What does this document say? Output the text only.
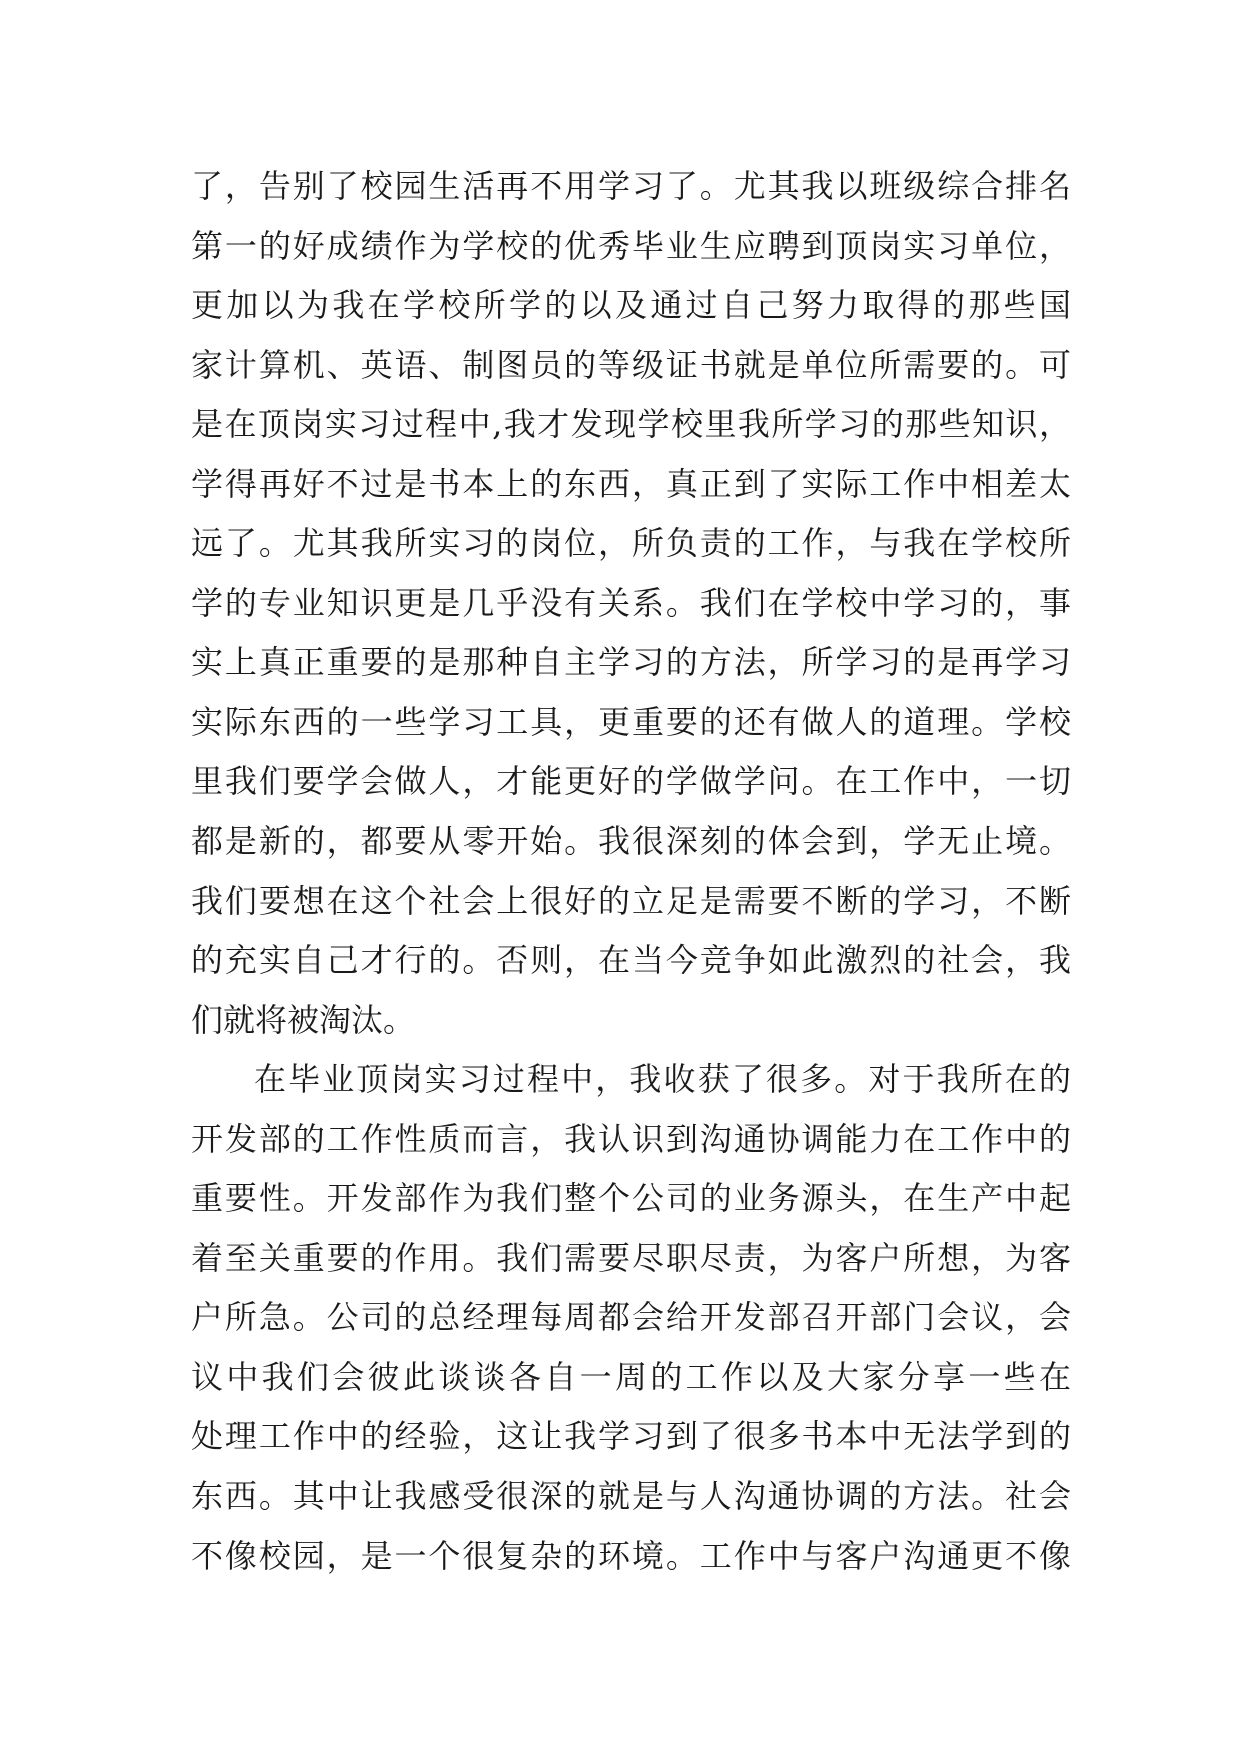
了，告别了校园生活再不用学习了。尤其我以班级综合排名
第一的好成绩作为学校的优秀毕业生应聘到顶岗实习单位，
更加以为我在学校所学的以及通过自己努力取得的那些国
家计算机、英语、制图员的等级证书就是单位所需要的。可
是在顶岗实习过程中,我才发现学校里我所学习的那些知识，
学得再好不过是书本上的东西，真正到了实际工作中相差太
远了。尤其我所实习的岗位，所负责的工作，与我在学校所
学的专业知识更是几乎没有关系。我们在学校中学习的，事
实上真正重要的是那种自主学习的方法，所学习的是再学习
实际东西的一些学习工具，更重要的还有做人的道理。学校
里我们要学会做人，才能更好的学做学问。在工作中，一切
都是新的，都要从零开始。我很深刻的体会到，学无止境。
我们要想在这个社会上很好的立足是需要不断的学习，不断
的充实自己才行的。否则，在当今竞争如此激烈的社会，我
们就将被淘汰。
在毕业顶岗实习过程中，我收获了很多。对于我所在的
开发部的工作性质而言，我认识到沟通协调能力在工作中的
重要性。开发部作为我们整个公司的业务源头，在生产中起
着至关重要的作用。我们需要尽职尽责，为客户所想，为客
户所急。公司的总经理每周都会给开发部召开部门会议，会
议中我们会彼此谈谈各自一周的工作以及大家分享一些在
处理工作中的经验，这让我学习到了很多书本中无法学到的
东西。其中让我感受很深的就是与人沟通协调的方法。社会
不像校园，是一个很复杂的环境。工作中与客户沟通更不像
